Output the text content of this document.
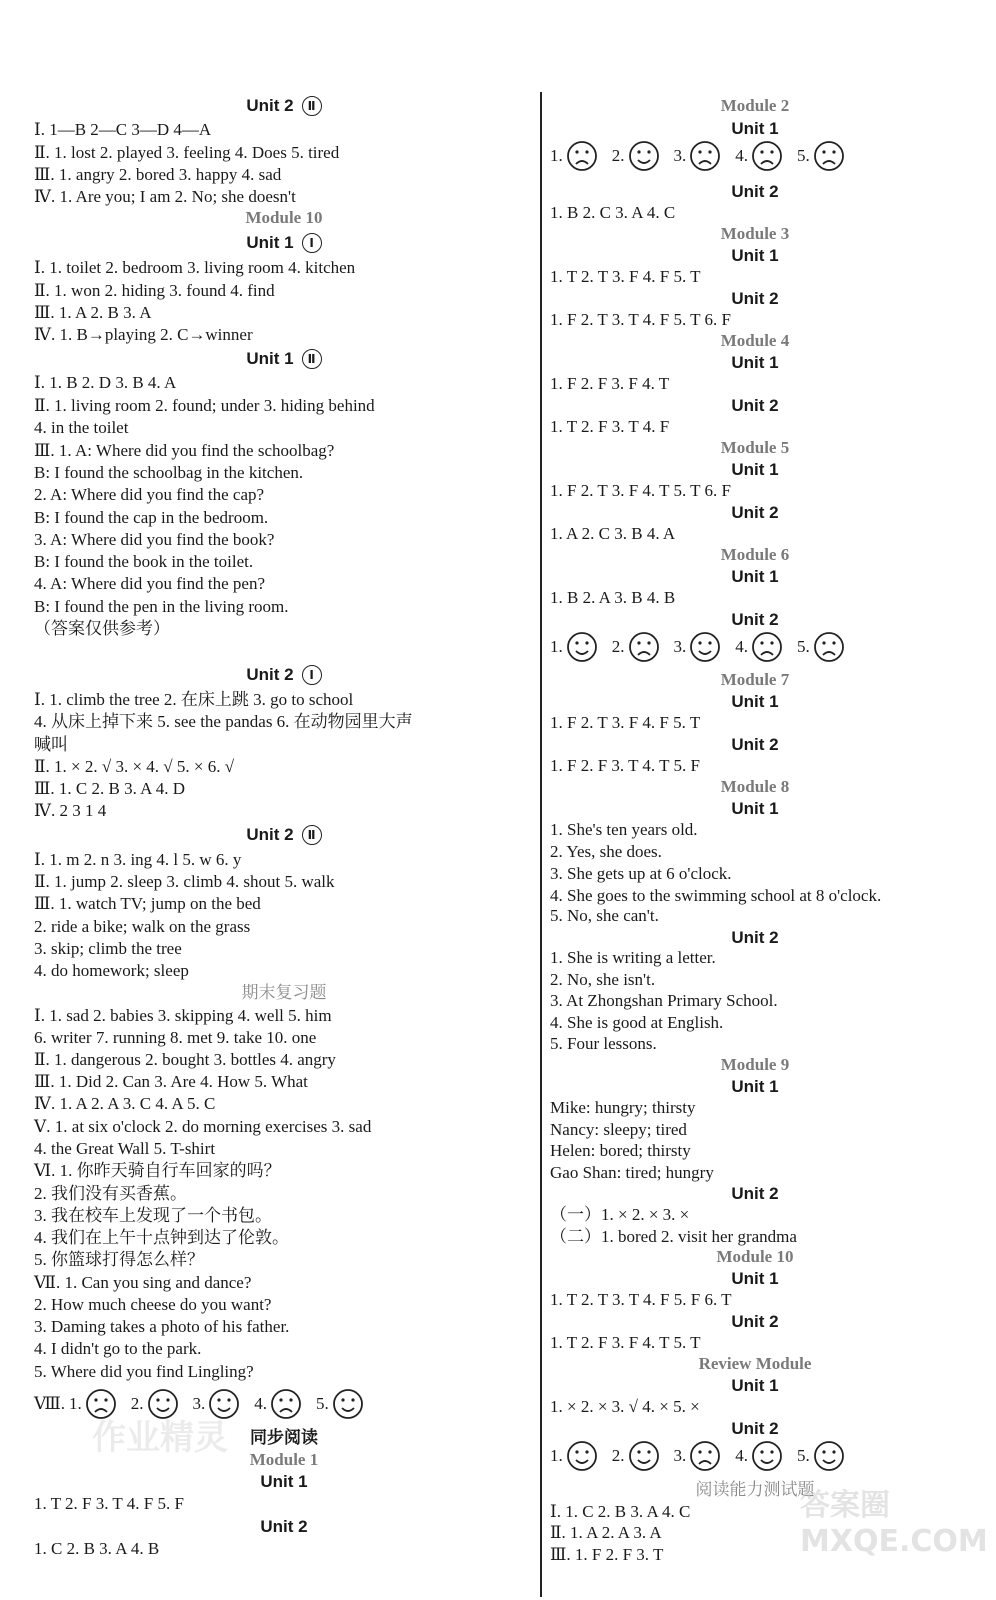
Unit 2 Ⅱ
Ⅰ. 1—B 2—C 3—D 4—A
Ⅱ. 1. lost 2. played 3. feeling 4. Does 5. tired
Ⅲ. 1. angry 2. bored 3. happy 4. sad
Ⅳ. 1. Are you; I am 2. No; she doesn't
Module 10
Unit 1 Ⅰ
Ⅰ. 1. toilet 2. bedroom 3. living room 4. kitchen
Ⅱ. 1. won 2. hiding 3. found 4. find
Ⅲ. 1. A 2. B 3. A
Ⅳ. 1. B→playing 2. C→winner
Unit 1 Ⅱ
Ⅰ. 1. B 2. D 3. B 4. A
Ⅱ. 1. living room 2. found; under 3. hiding behind
4. in the toilet
Ⅲ. 1. A: Where did you find the schoolbag?
B: I found the schoolbag in the kitchen.
2. A: Where did you find the cap?
B: I found the cap in the bedroom.
3. A: Where did you find the book?
B: I found the book in the toilet.
4. A: Where did you find the pen?
B: I found the pen in the living room.
（答案仅供参考）
Unit 2 Ⅰ
Ⅰ. 1. climb the tree 2. 在床上跳 3. go to school
4. 从床上掉下来 5. see the pandas 6. 在动物园里大声
喊叫
Ⅱ. 1. × 2. √ 3. × 4. √ 5. × 6. √
Ⅲ. 1. C 2. B 3. A 4. D
Ⅳ. 2 3 1 4
Unit 2 Ⅱ
Ⅰ. 1. m 2. n 3. ing 4. l 5. w 6. y
Ⅱ. 1. jump 2. sleep 3. climb 4. shout 5. walk
Ⅲ. 1. watch TV; jump on the bed
2. ride a bike; walk on the grass
3. skip; climb the tree
4. do homework; sleep
期末复习题
Ⅰ. 1. sad 2. babies 3. skipping 4. well 5. him
6. writer 7. running 8. met 9. take 10. one
Ⅱ. 1. dangerous 2. bought 3. bottles 4. angry
Ⅲ. 1. Did 2. Can 3. Are 4. How 5. What
Ⅳ. 1. A 2. A 3. C 4. A 5. C
Ⅴ. 1. at six o'clock 2. do morning exercises 3. sad
4. the Great Wall 5. T-shirt
Ⅵ. 1. 你昨天骑自行车回家的吗？
2. 我们没有买香蕉。
3. 我在校车上发现了一个书包。
4. 我们在上午十点钟到达了伦敦。
5. 你篮球打得怎么样？
Ⅶ. 1. Can you sing and dance?
2. How much cheese do you want?
3. Daming takes a photo of his father.
4. I didn't go to the park.
5. Where did you find Lingling?
同步阅读
Module 1
Unit 1
1. T 2. F 3. T 4. F 5. F
Unit 2
1. C 2. B 3. A 4. B
Ⅷ. 1.	2.	3.	4.	5.
Module 2
Unit 1
Unit 2
1. B 2. C 3. A 4. C
Module 3
Unit 1
1. T 2. T 3. F 4. F 5. T
Unit 2
1. F 2. T 3. T 4. F 5. T 6. F
Module 4
Unit 1
1. F 2. F 3. F 4. T
Unit 2
1. T 2. F 3. T 4. F
Module 5
Unit 1
1. F 2. T 3. F 4. T 5. T 6. F
Unit 2
1. A 2. C 3. B 4. A
Module 6
Unit 1
1. B 2. A 3. B 4. B
Unit 2
Module 7
Unit 1
1. F 2. T 3. F 4. F 5. T
Unit 2
1. F 2. F 3. T 4. T 5. F
Module 8
Unit 1
1. She's ten years old.
2. Yes, she does.
3. She gets up at 6 o'clock.
4. She goes to the swimming school at 8 o'clock.
5. No, she can't.
Unit 2
1. She is writing a letter.
2. No, she isn't.
3. At Zhongshan Primary School.
4. She is good at English.
5. Four lessons.
Module 9
Unit 1
Mike: hungry; thirsty
Nancy: sleepy; tired
Helen: bored; thirsty
Gao Shan: tired; hungry
Unit 2
（一）1. × 2. × 3. ×
（二）1. bored 2. visit her grandma
Module 10
Unit 1
1. T 2. T 3. T 4. F 5. F 6. T
Unit 2
1. T 2. F 3. F 4. T 5. T
Review Module
Unit 1
1. × 2. × 3. √ 4. × 5. ×
Unit 2
阅读能力测试题
Ⅰ. 1. C 2. B 3. A 4. C
Ⅱ. 1. A 2. A 3. A
Ⅲ. 1. F 2. F 3. T
1.	2.	3.	4.	5.
1.	2.	3.	4.	5.
1.	2.	3.	4.	5.
作业精灵
答案圈 MXQE.COM
